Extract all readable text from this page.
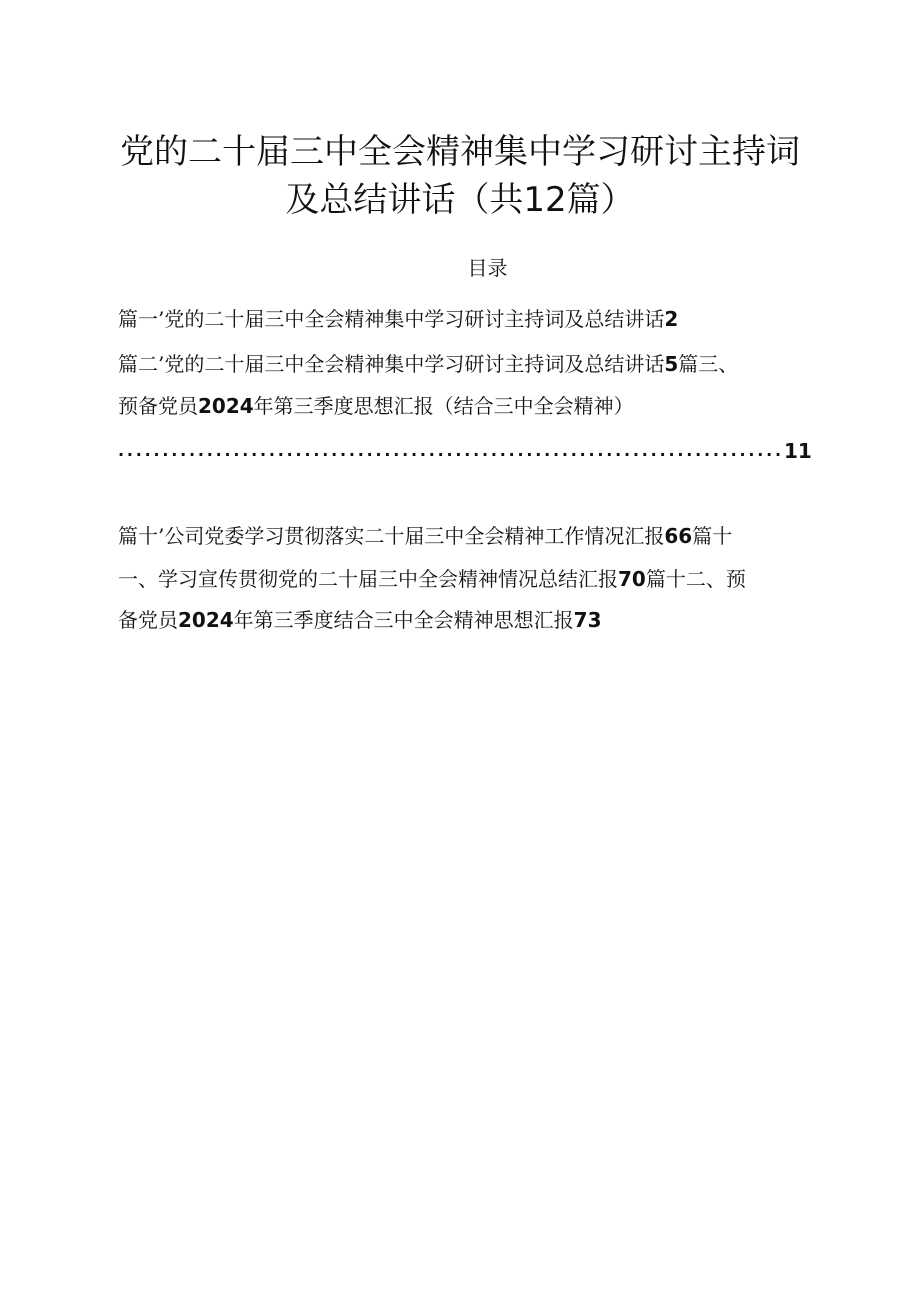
党的二十届三中全会精神集中学习研讨主持词
及总结讲话（共12篇）
目录
篇一’党的二十届三中全会精神集中学习研讨主持词及总结讲话2
篇二’党的二十届三中全会精神集中学习研讨主持词及总结讲话5篇三、
预备党员2024年第三季度思想汇报（结合三中全会精神）
...........................................................................11
篇十’公司党委学习贯彻落实二十届三中全会精神工作情况汇报66篇十
一、学习宣传贯彻党的二十届三中全会精神情况总结汇报70篇十二、预
备党员2024年第三季度结合三中全会精神思想汇报73
